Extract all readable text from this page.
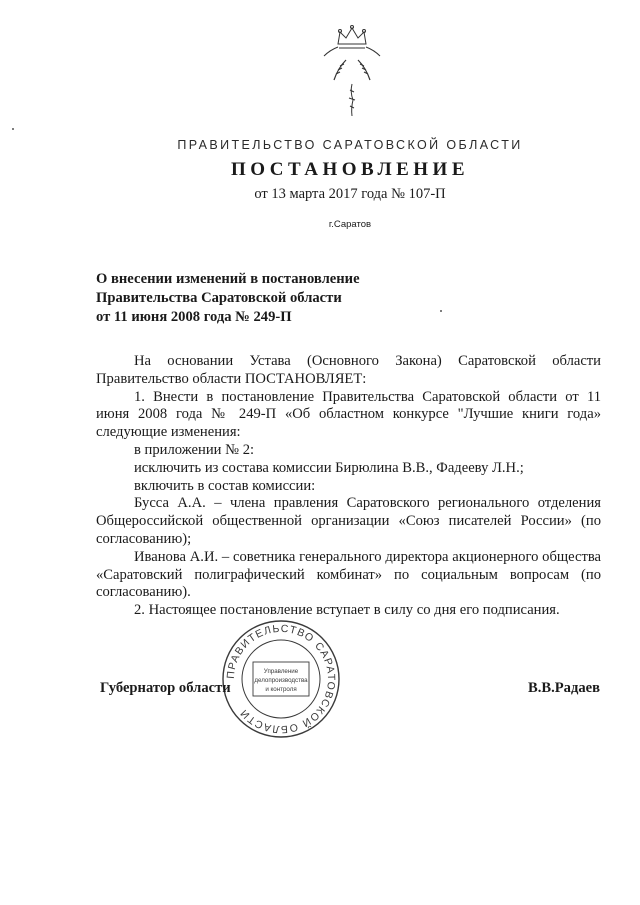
ПРАВИТЕЛЬСТВО САРАТОВСКОЙ ОБЛАСТИ
ПОСТАНОВЛЕНИЕ
от 13 марта 2017 года № 107-П
г.Саратов
О внесении изменений в постановление
Правительства Саратовской области
от 11 июня 2008 года № 249-П

На основании Устава (Основного Закона) Саратовской области Правительство области ПОСТАНОВЛЯЕТ:

1. Внести в постановление Правительства Саратовской области от 11 июня 2008 года № 249-П «Об областном конкурсе "Лучшие книги года» следующие изменения:

в приложении № 2:

исключить из состава комиссии Бирюлина В.В., Фадееву Л.Н.;

включить в состав комиссии:

Бусса А.А. – члена правления Саратовского регионального отделения Общероссийской общественной организации «Союз писателей России» (по согласованию);

Иванова А.И. – советника генерального директора акционерного общества «Саратовский полиграфический комбинат» по социальным вопросам (по согласованию).

2. Настоящее постановление вступает в силу со дня его подписания.

ПРАВИТЕЛЬСТВО САРАТОВСКОЙ ОБЛАСТИ
Управление
делопроизводства
и контроля
Губернатор области	В.В.Радаев
